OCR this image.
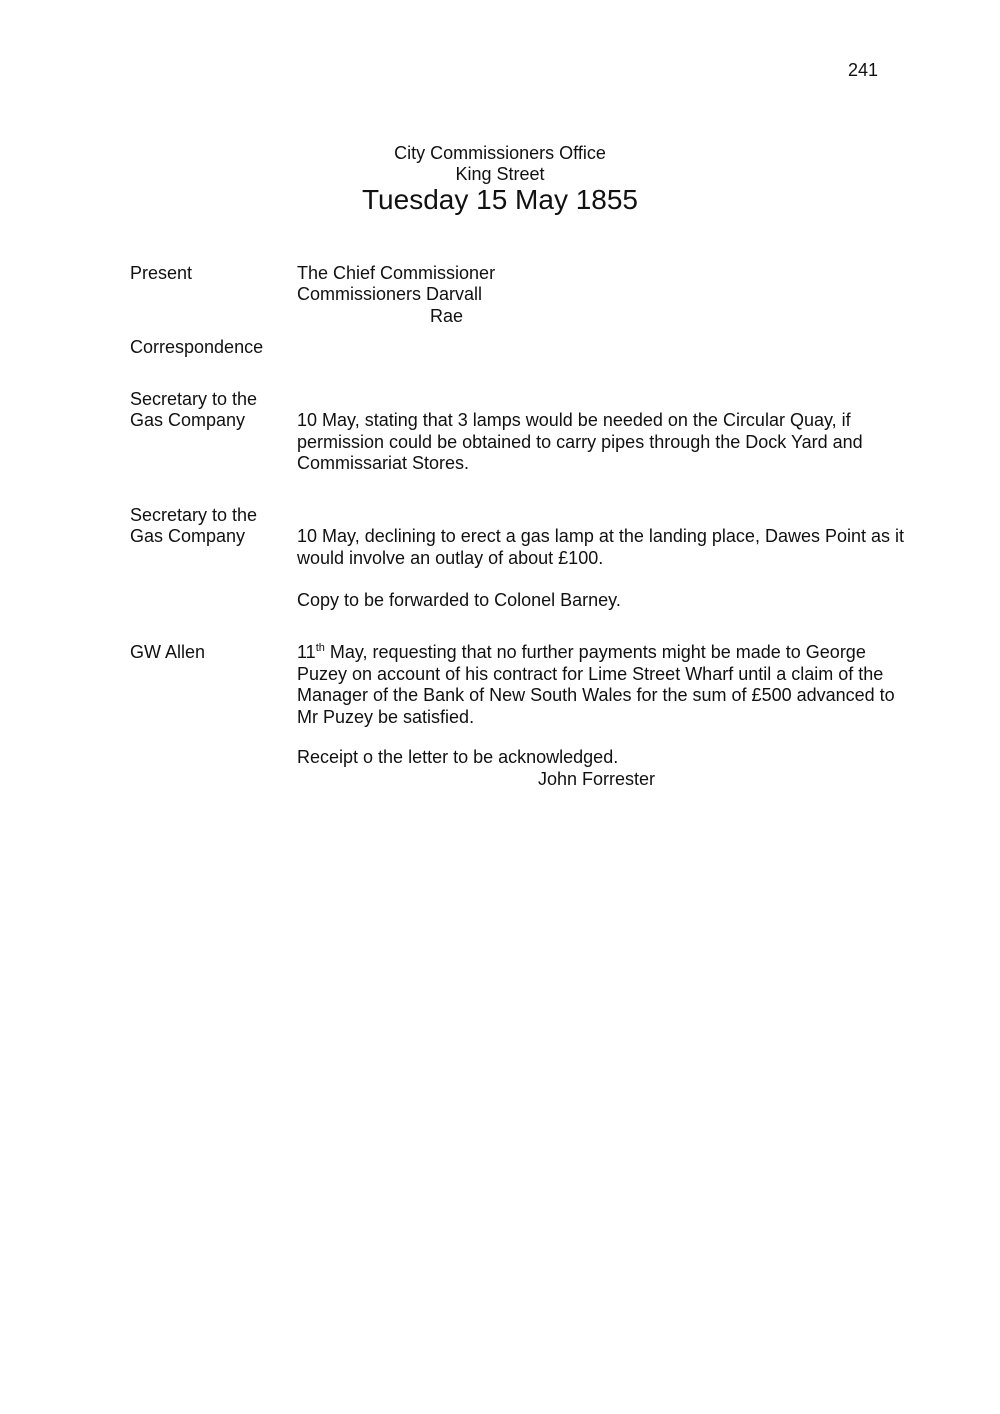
241
City Commissioners Office
King Street
Tuesday 15 May 1855
Present	The Chief Commissioner
Commissioners Darvall
Rae
Correspondence
Secretary to the
Gas Company	10 May, stating that 3 lamps would be needed on the Circular Quay, if permission could be obtained to carry pipes through the Dock Yard and Commissariat Stores.
Secretary to the
Gas Company	10 May, declining to erect a gas lamp at the landing place, Dawes Point as it would involve an outlay of about £100.
Copy to be forwarded to Colonel Barney.
GW Allen	11th May, requesting that no further payments might be made to George Puzey on account of his contract for Lime Street Wharf until a claim of the Manager of the Bank of New South Wales for the sum of £500 advanced to Mr Puzey be satisfied.
Receipt o the letter to be acknowledged.
John Forrester
